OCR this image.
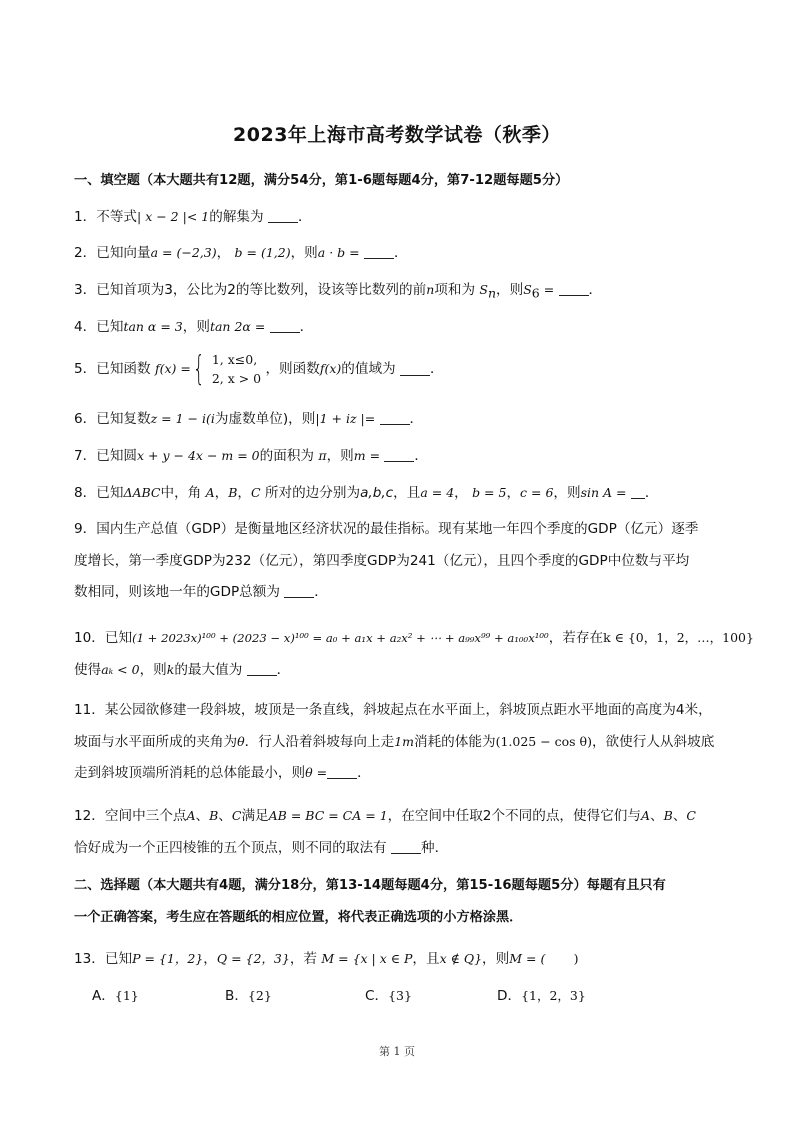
2023年上海市高考数学试卷（秋季）
一、填空题（本大题共有12题，满分54分，第1-6题每题4分，第7-12题每题5分）
1．不等式| x − 2 |< 1的解集为	．
2．已知向量a = (−2,3)， b = (1,2)，则a · b =	．
3．已知首项为3，公比为2的等比数列，设该等比数列的前n项和为 $S_n$，则$S_6$ =	．
4．已知tan α = 3，则tan 2α =	．
5．已知函数 f(x) ={ 1, x≤0,
2, x > 0
，则函数f(x)的值域为	．
6．已知复数z = 1 − i(i为虚数单位)，则|1 + iz |=	．
7．已知圆x + y − 4x − m = 0的面积为 π，则m =	．
8．已知ΔABC中，角 A，B，C 所对的边分别为a,b,c，且a = 4， b = 5，c = 6，则sin A = ．
9．国内生产总值（GDP）是衡量地区经济状况的最佳指标。现有某地一年四个季度的GDP（亿元）逐季
度增长，第一季度GDP为232（亿元），第四季度GDP为241（亿元），且四个季度的GDP中位数与平均
数相同，则该地一年的GDP总额为	．
10．已知(1 + 2023x)¹⁰⁰ + (2023 − x)¹⁰⁰ = a₀ + a₁x + a₂x² + ⋯ + a₉₉x⁹⁹ + a₁₀₀x¹⁰⁰，若存在k ∈ {0，1，2，…，100}
使得aₖ < 0，则k的最大值为	．
11．某公园欲修建一段斜坡，坡顶是一条直线，斜坡起点在水平面上，斜坡顶点距水平地面的高度为4米，
坡面与水平面所成的夹角为θ．行人沿着斜坡每向上走1m消耗的体能为(1.025 − cos θ)，欲使行人从斜坡底
走到斜坡顶端所消耗的总体能最小，则θ = ．
12．空间中三个点A、B、C满足AB = BC = CA = 1，在空间中任取2个不同的点，使得它们与A、B、C
恰好成为一个正四棱锥的五个顶点，则不同的取法有	种．
二、选择题（本大题共有4题，满分18分，第13-14题每题4分，第15-16题每题5分）每题有且只有
一个正确答案，考生应在答题纸的相应位置，将代表正确选项的小方格涂黑．
13．已知P = {1，2}，Q = {2，3}，若 M = {x | x ∈ P，且x ∉ Q}，则M = ( )
A．{1}	B．{2}	C．{3}	D．{1，2，3}
第 1 页
